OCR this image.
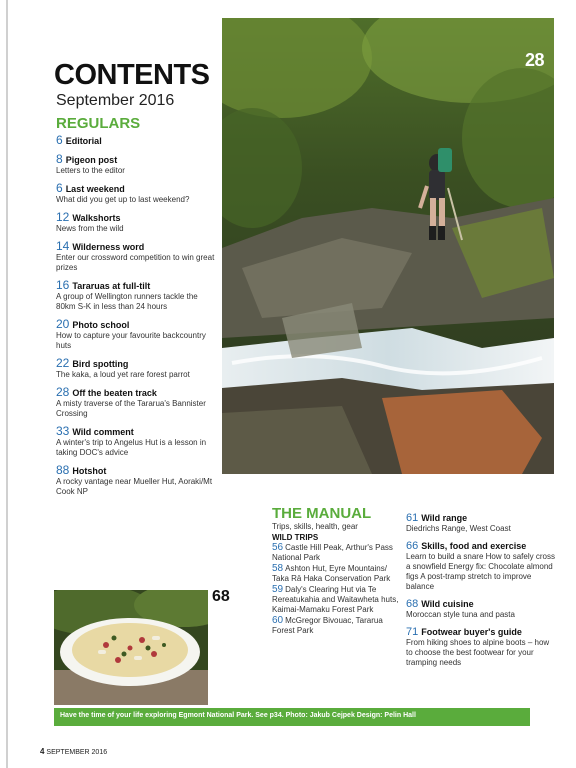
CONTENTS
September 2016
REGULARS
6 Editorial
8 Pigeon post
Letters to the editor
6 Last weekend
What did you get up to last weekend?
12 Walkshorts
News from the wild
14 Wilderness word
Enter our crossword competition to win great prizes
16 Tararuas at full-tilt
A group of Wellington runners tackle the 80km S-K in less than 24 hours
20 Photo school
How to capture your favourite backcountry huts
22 Bird spotting
The kaka, a loud yet rare forest parrot
28 Off the beaten track
A misty traverse of the Tararua's Bannister Crossing
33 Wild comment
A winter's trip to Angelus Hut is a lesson in taking DOC's advice
88 Hotshot
A rocky vantage near Mueller Hut, Aoraki/Mt Cook NP
28
THE MANUAL
Trips, skills, health, gear
WILD TRIPS
56 Castle Hill Peak, Arthur's Pass National Park
58 Ashton Hut, Eyre Mountains/ Taka Rā Haka Conservation Park
59 Daly's Clearing Hut via Te Rereatukahia and Waitawheta huts, Kaimai-Mamaku Forest Park
60 McGregor Bivouac, Tararua Forest Park
61 Wild range
Diedrichs Range, West Coast
66 Skills, food and exercise
Learn to build a snare How to safely cross a snowfield Energy fix: Chocolate almond figs A post-tramp stretch to improve balance
68 Wild cuisine
Moroccan style tuna and pasta
71 Footwear buyer's guide
From hiking shoes to alpine boots – how to choose the best footwear for your tramping needs
68
Have the time of your life exploring Egmont National Park. See p34. Photo: Jakub Cejpek Design: Pelin Hall
4 SEPTEMBER 2016
